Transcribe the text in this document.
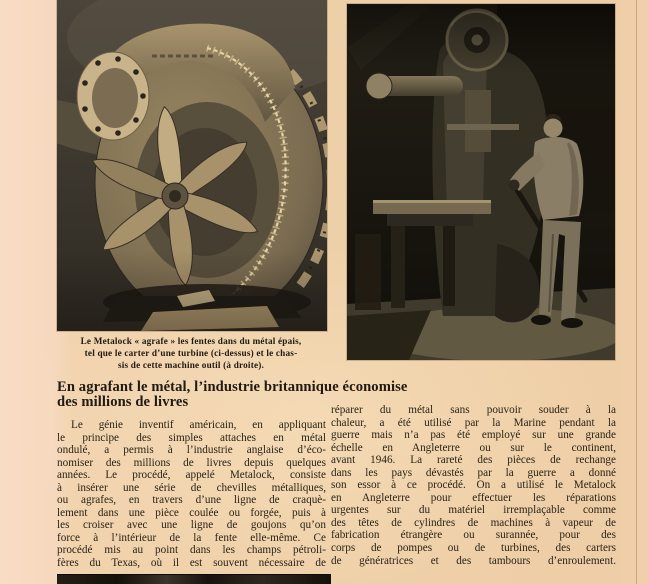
Le Metalock « agrafe » les fentes dans du métal épais,
tel que le carter d’une turbine (ci-dessus) et le chas-
sis de cette machine outil (à droite).
En agrafant le métal, l’industrie britannique économise
des millions de livres
Le génie inventif américain, en appliquant
le principe des simples attaches en métal
ondulé, a permis à l’industrie anglaise d’éco-
nomiser des millions de livres depuis quelques
années. Le procédé, appelé Metalock, consiste
à insérer une série de chevilles métalliques,
ou agrafes, en travers d’une ligne de craquè-
lement dans une pièce coulée ou forgée, puis à
les croiser avec une ligne de goujons qu’on
force à l’intérieur de la fente elle-même. Ce
procédé mis au point dans les champs pétroli-
fères du Texas, où il est souvent nécessaire de
réparer du métal sans pouvoir souder à la
chaleur, a été utilisé par la Marine pendant la
guerre mais n’a pas été employé sur une grande
échelle en Angleterre ou sur le continent,
avant 1946. La rareté des pièces de rechange
dans les pays dévastés par la guerre a donné
son essor à ce procédé. On a utilisé le Metalock
en Angleterre pour effectuer les réparations
urgentes sur du matériel irremplaçable comme
des têtes de cylindres de machines à vapeur de
fabrication étrangère ou surannée, pour des
corps de pompes ou de turbines, des carters
de génératrices et des tambours d’enroulement.
